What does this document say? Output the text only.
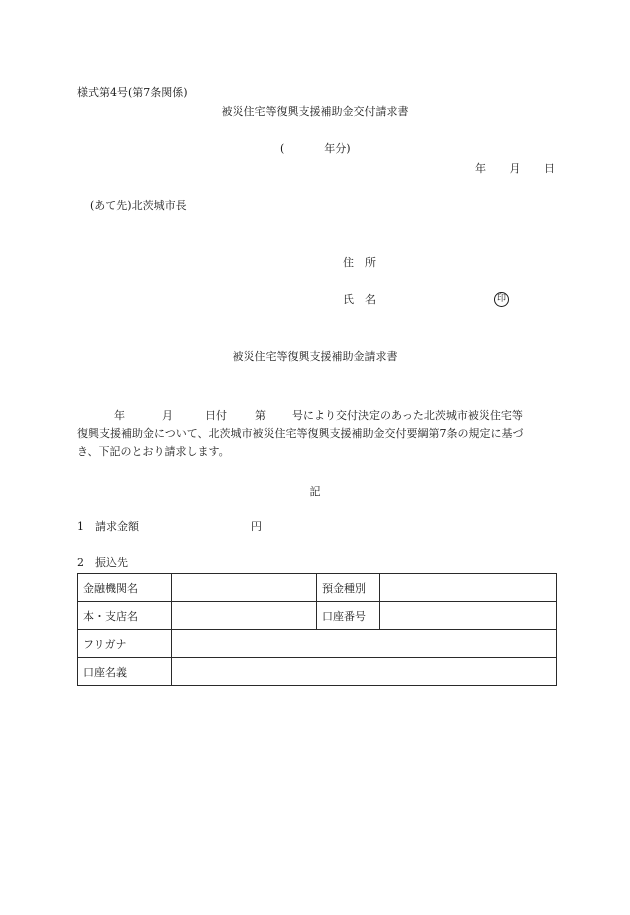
様式第4号(第7条関係)
被災住宅等復興支援補助金交付請求書
(	年分)
年 月 日
(あて先)北茨城市長
住　所
氏　名	印
被災住宅等復興支援補助金請求書
年	月	日付	第 号により交付決定のあった北茨城市被災住宅等
復興支援補助金について、北茨城市被災住宅等復興支援補助金交付要綱第7条の規定に基づ
き、下記のとおり請求します。
記
1　請求金額	円
2　振込先
金融機関名		預金種別	
本・支店名		口座番号	
フリガナ			
口座名義			
